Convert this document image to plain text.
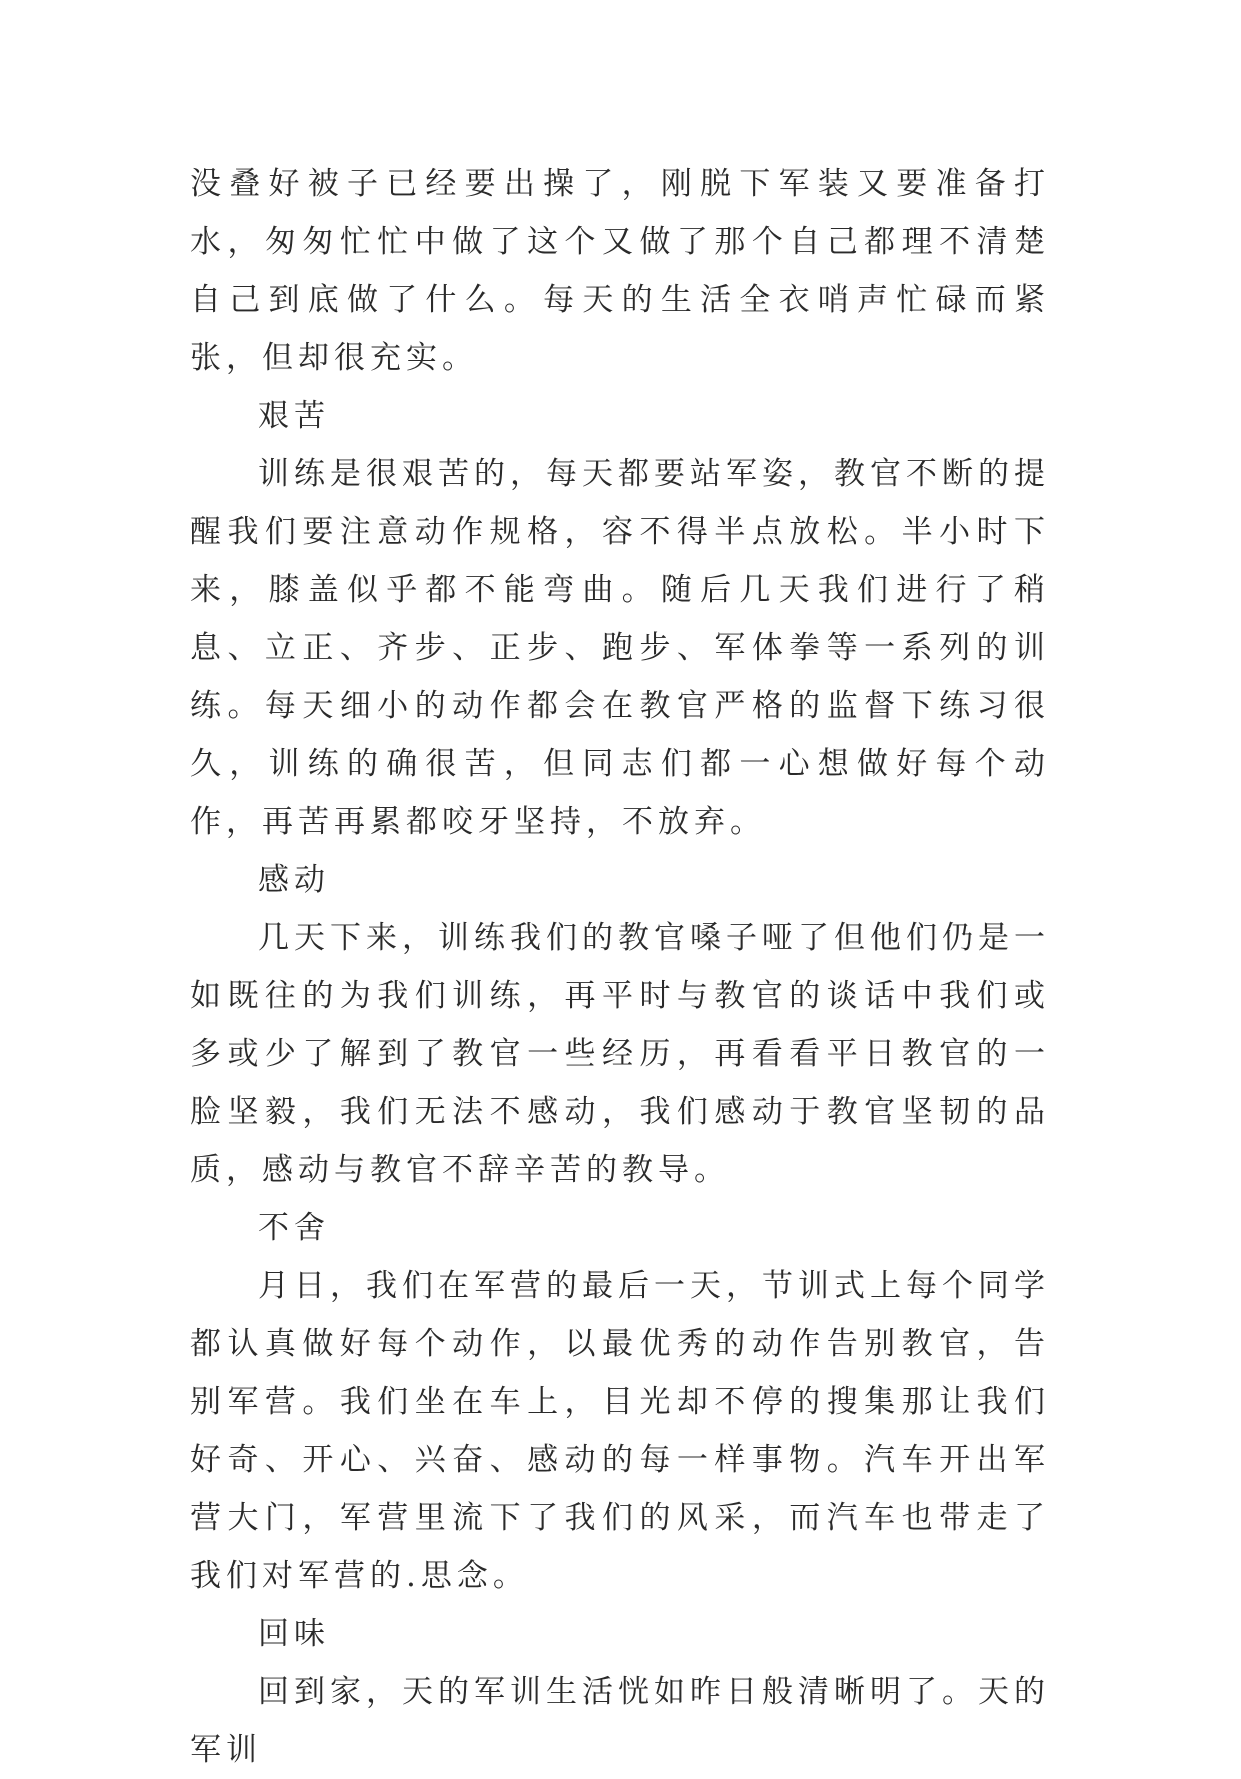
没叠好被子已经要出操了，刚脱下军装又要准备打水，匆匆忙忙中做了这个又做了那个自己都理不清楚自己到底做了什么。每天的生活全衣哨声忙碌而紧张，但却很充实。

艰苦

训练是很艰苦的，每天都要站军姿，教官不断的提醒我们要注意动作规格，容不得半点放松。半小时下来，膝盖似乎都不能弯曲。随后几天我们进行了稍息、立正、齐步、正步、跑步、军体拳等一系列的训练。每天细小的动作都会在教官严格的监督下练习很久，训练的确很苦，但同志们都一心想做好每个动作，再苦再累都咬牙坚持，不放弃。

感动

几天下来，训练我们的教官嗓子哑了但他们仍是一如既往的为我们训练，再平时与教官的谈话中我们或多或少了解到了教官一些经历，再看看平日教官的一脸坚毅，我们无法不感动，我们感动于教官坚韧的品质，感动与教官不辞辛苦的教导。

不舍

月日，我们在军营的最后一天，节训式上每个同学都认真做好每个动作，以最优秀的动作告别教官，告别军营。我们坐在车上，目光却不停的搜集那让我们好奇、开心、兴奋、感动的每一样事物。汽车开出军营大门，军营里流下了我们的风采，而汽车也带走了我们对军营的.思念。

回味

回到家，天的军训生活恍如昨日般清晰明了。天的军训
